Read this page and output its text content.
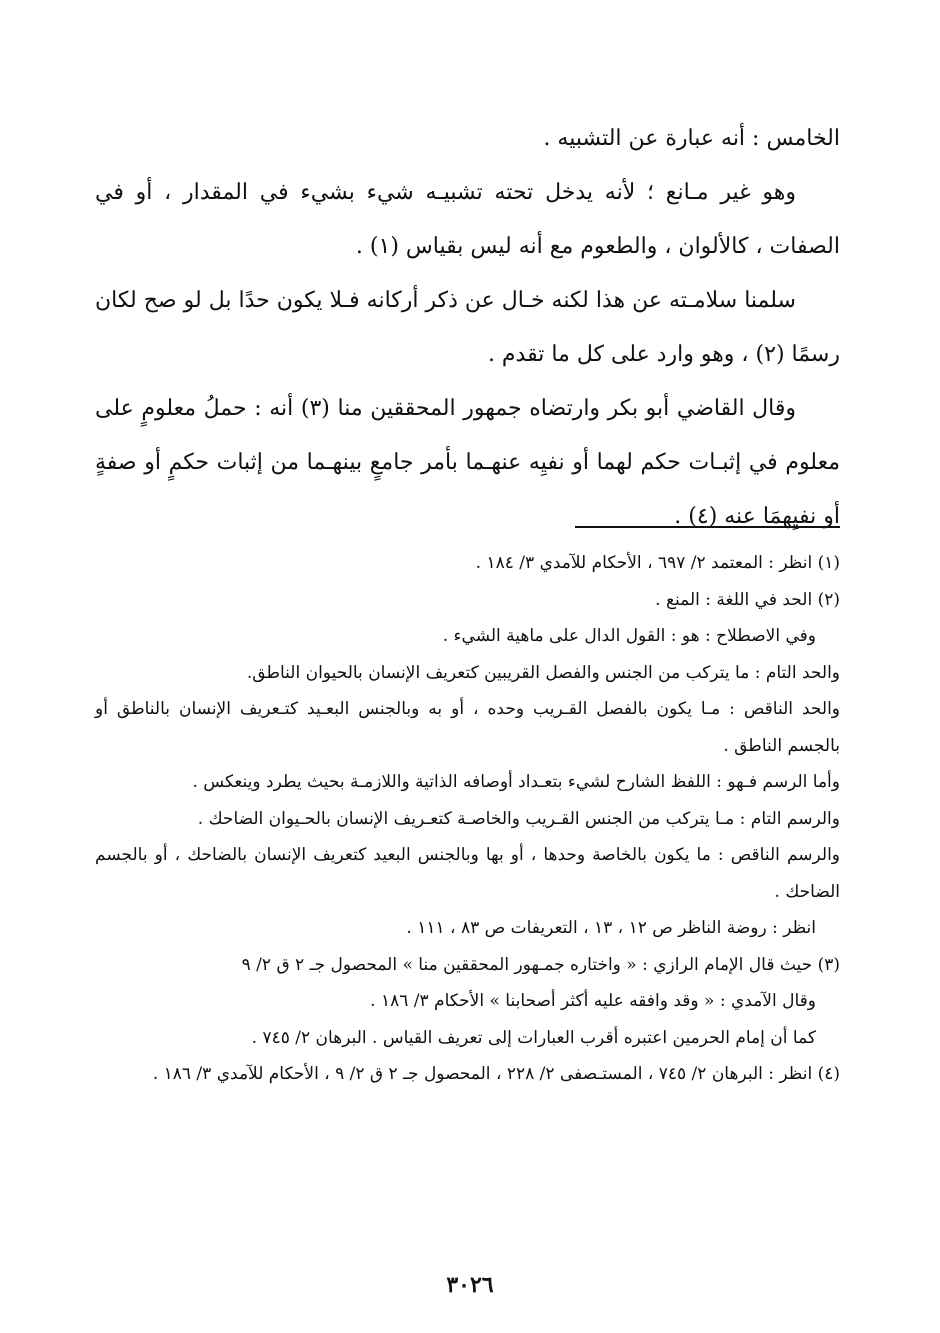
الخامس : أنه عبارة عن التشبيه .

وهو غير مـانع ؛ لأنه يدخل تحته تشبيـه شيء بشيء في المقدار ، أو في الصفات ، كالألوان ، والطعوم مع أنه ليس بقياس (١) .

سلمنا سلامـته عن هذا لكنه خـال عن ذكر أركانه فـلا يكون حدًا بل لو صح لكان رسمًا (٢) ، وهو وارد على كل ما تقدم .

وقال القاضي أبو بكر وارتضاه جمهور المحققين منا (٣) أنه : حملُ معلومٍ على معلوم في إثبـات حكم لهما أو نفيِه عنهـما بأمر جامعٍ بينهـما من إثبات حكمٍ أو صفةٍ أو نفيِهمَا عنه (٤) .

(١) انظر : المعتمد ٢/ ٦٩٧ ، الأحكام للآمدي ٣/ ١٨٤ .
(٢) الحد في اللغة : المنع .
وفي الاصطلاح : هو : القول الدال على ماهية الشيء .
والحد التام : ما يتركب من الجنس والفصل القريبين كتعريف الإنسان بالحيوان الناطق.
والحد الناقص : مـا يكون بالفصل القـريب وحده ، أو به وبالجنس البعـيد كتـعريف الإنسان بالناطق أو بالجسم الناطق .
وأما الرسم فـهو : اللفظ الشارح لشيء بتعـداد أوصافه الذاتية واللازمـة بحيث يطرد وينعكس .
والرسم التام : مـا يتركب من الجنس القـريب والخاصـة كتعـريف الإنسان بالحـيوان الضاحك .
والرسم الناقص : ما يكون بالخاصة وحدها ، أو بها وبالجنس البعيد كتعريف الإنسان بالضاحك ، أو بالجسم الضاحك .
انظر : روضة الناظر ص ١٢ ، ١٣ ، التعريفات ص ٨٣ ، ١١١ .
(٣) حيث قال الإمام الرازي : « واختاره جمـهور المحققين منا » المحصول جـ ٢ ق ٢/ ٩
وقال الآمدي : « وقد وافقه عليه أكثر أصحابنا » الأحكام ٣/ ١٨٦ .
كما أن إمام الحرمين اعتبره أقرب العبارات إلى تعريف القياس . البرهان ٢/ ٧٤٥ .
(٤) انظر : البرهان ٢/ ٧٤٥ ، المستـصفى ٢/ ٢٢٨ ، المحصول جـ ٢ ق ٢/ ٩ ، الأحكام للآمدي ٣/ ١٨٦ .
٣٠٢٦
